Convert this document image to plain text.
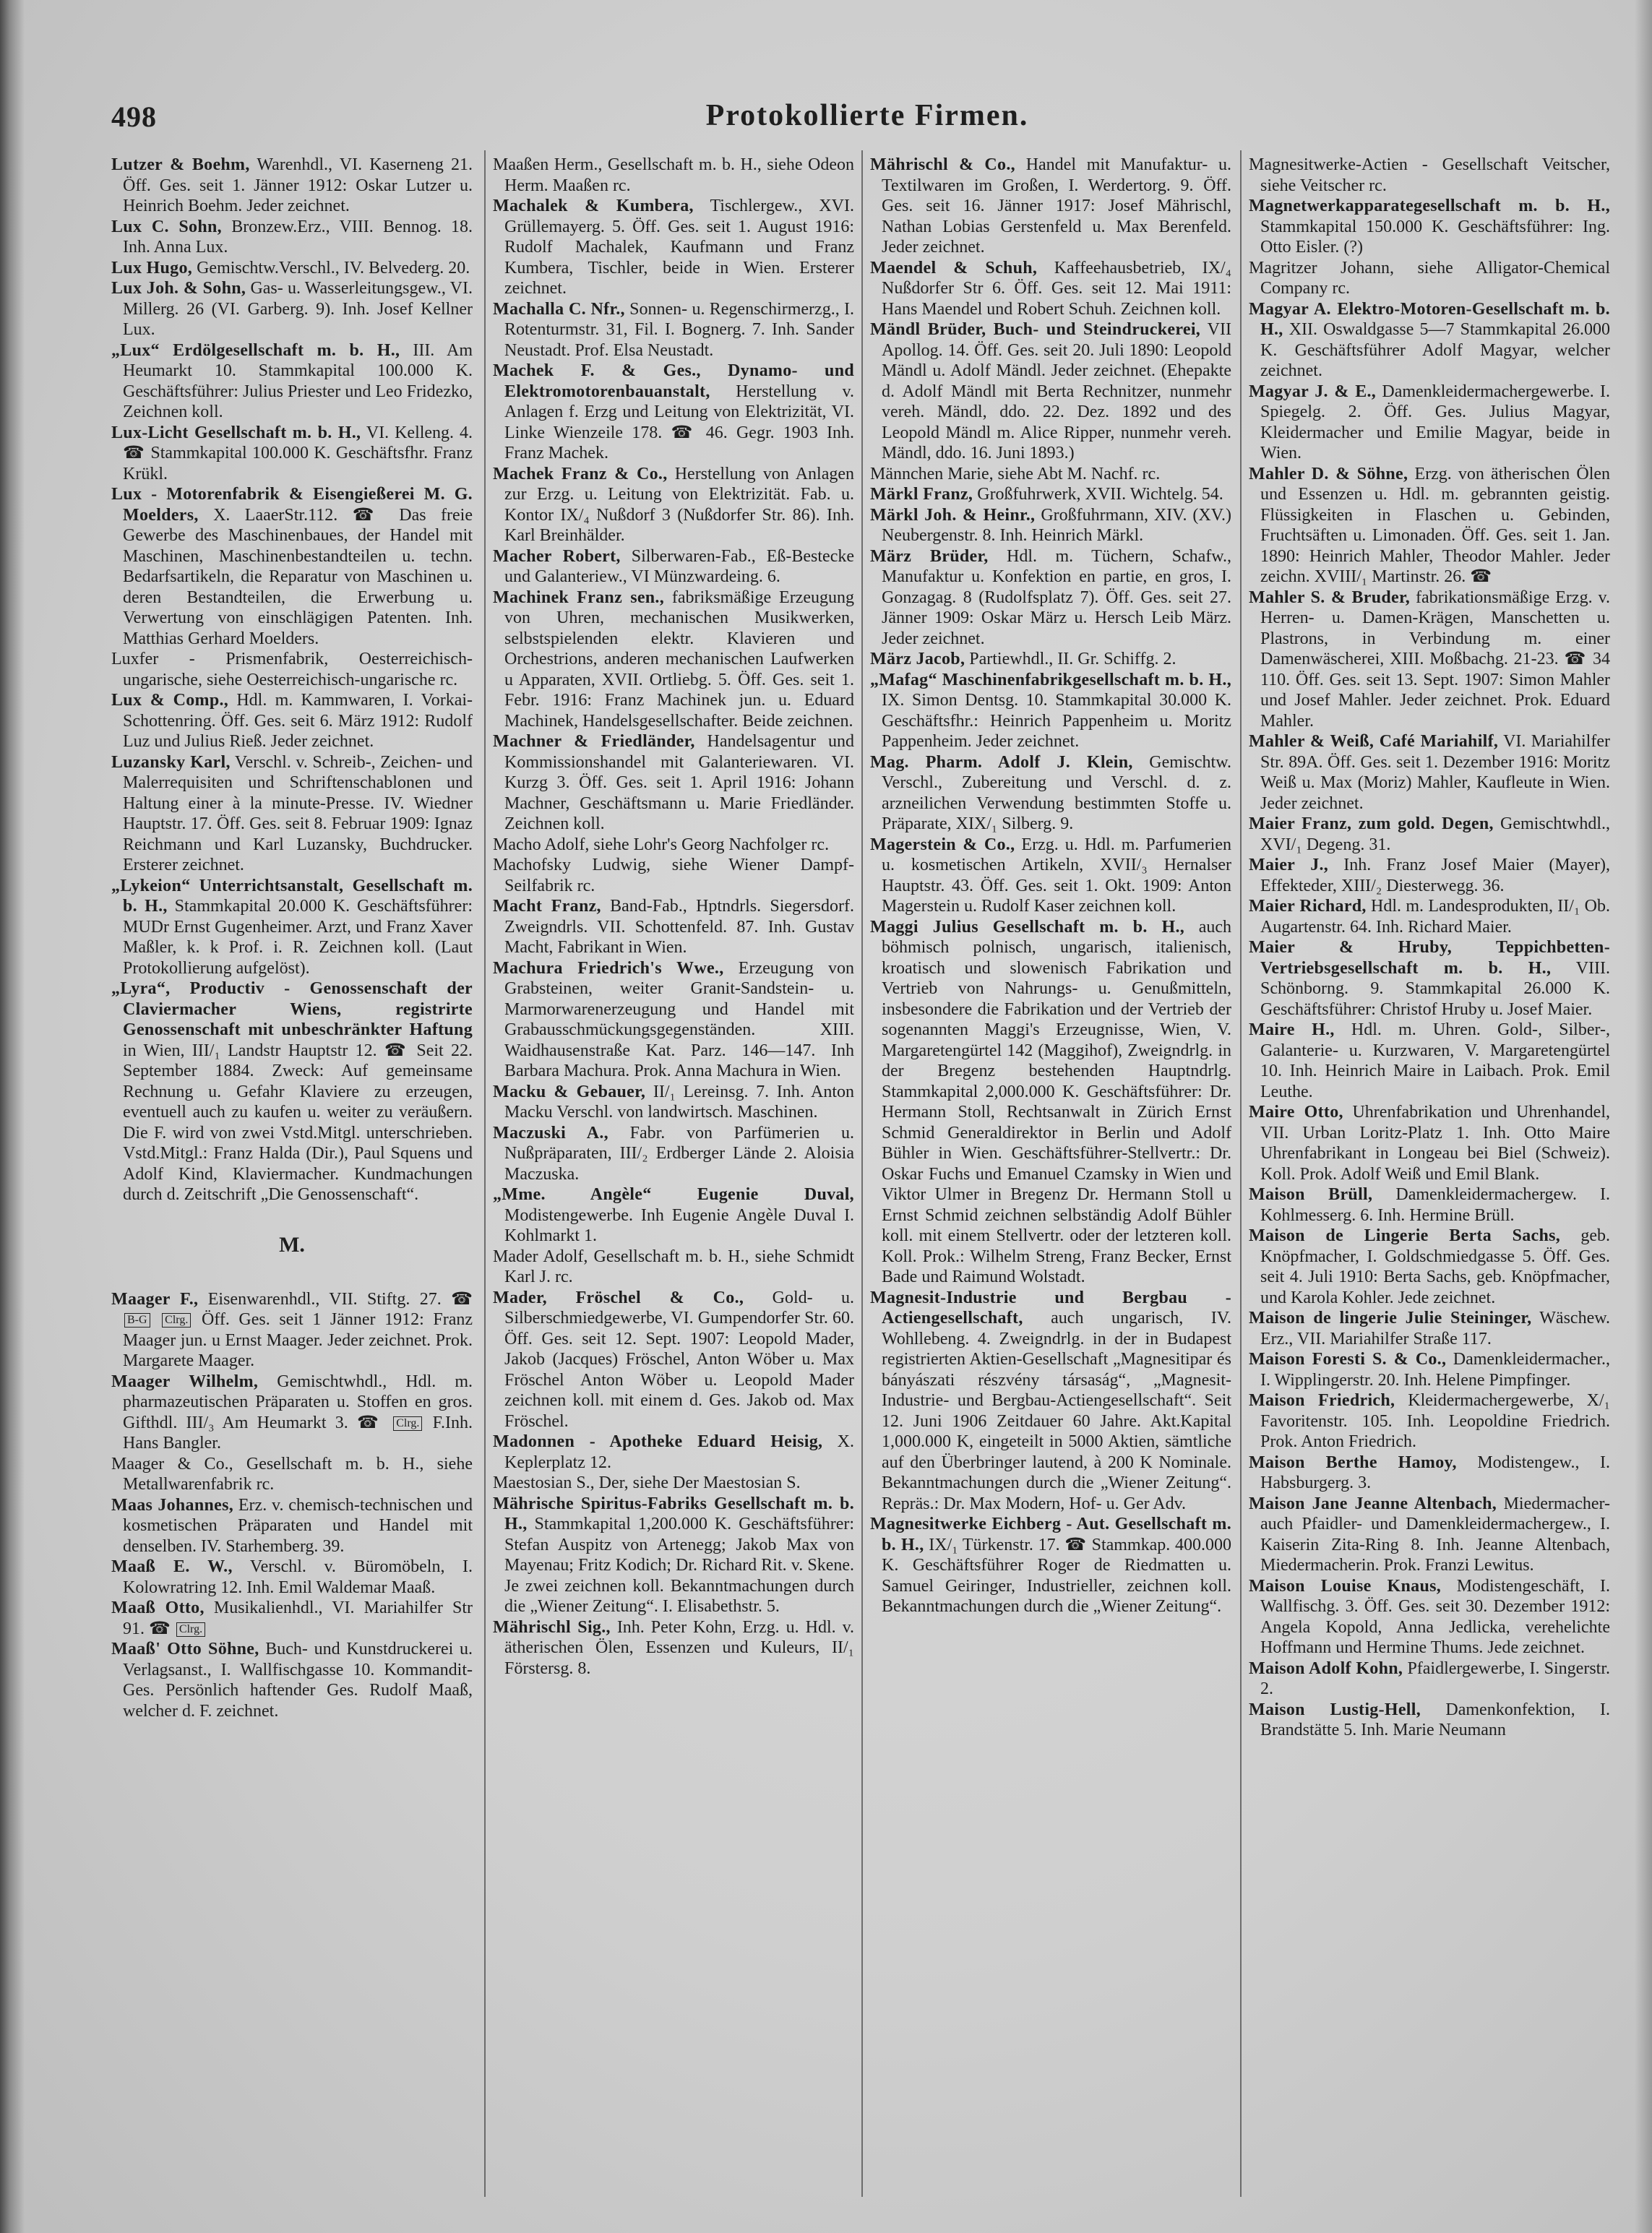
498	Protokollierte Firmen.

Lutzer & Boehm, Warenhdl., VI. Kaserneng 21. Öff. Ges. seit 1. Jänner 1912: Oskar Lutzer u. Heinrich Boehm. Jeder zeichnet.

Lux C. Sohn, Bronzew.Erz., VIII. Bennog. 18. Inh. Anna Lux.

Lux Hugo, Gemischtw.Verschl., IV. Belvederg. 20.

Lux Joh. & Sohn, Gas- u. Wasserleitungsgew., VI. Millerg. 26 (VI. Garberg. 9). Inh. Josef Kellner Lux.

„Lux“ Erdölgesellschaft m. b. H., III. Am Heumarkt 10. Stammkapital 100.000 K. Geschäftsführer: Julius Priester und Leo Fridezko, Zeichnen koll.

Lux-Licht Gesellschaft m. b. H., VI. Kelleng. 4. ☎ Stammkapital 100.000 K. Geschäftsfhr. Franz Krükl.

Lux - Motorenfabrik & Eisengießerei M. G. Moelders, X. LaaerStr.112. ☎ Das freie Gewerbe des Maschinenbaues, der Handel mit Maschinen, Maschinenbestandteilen u. techn. Bedarfsartikeln, die Reparatur von Maschinen u. deren Bestandteilen, die Erwerbung u. Verwertung von einschlägigen Patenten. Inh. Matthias Gerhard Moelders.

Luxfer - Prismenfabrik, Oesterreichisch-ungarische, siehe Oesterreichisch-ungarische rc.

Lux & Comp., Hdl. m. Kammwaren, I. Vorkai-Schottenring. Öff. Ges. seit 6. März 1912: Rudolf Luz und Julius Rieß. Jeder zeichnet.

Luzansky Karl, Verschl. v. Schreib-, Zeichen- und Malerrequisiten und Schriftenschablonen und Haltung einer à la minute-Presse. IV. Wiedner Hauptstr. 17. Öff. Ges. seit 8. Februar 1909: Ignaz Reichmann und Karl Luzansky, Buchdrucker. Ersterer zeichnet.

„Lykeion“ Unterrichtsanstalt, Gesellschaft m. b. H., Stammkapital 20.000 K. Geschäftsführer: MUDr Ernst Gugenheimer. Arzt, und Franz Xaver Maßler, k. k Prof. i. R. Zeichnen koll. (Laut Protokollierung aufgelöst).

„Lyra“, Productiv - Genossenschaft der Claviermacher Wiens, registrirte Genossenschaft mit unbeschränkter Haftung in Wien, III/₁ Landstr Hauptstr 12. ☎ Seit 22. September 1884. Zweck: Auf gemeinsame Rechnung u. Gefahr Klaviere zu erzeugen, eventuell auch zu kaufen u. weiter zu veräußern. Die F. wird von zwei Vstd.Mitgl. unterschrieben. Vstd.Mitgl.: Franz Halda (Dir.), Paul Squens und Adolf Kind, Klaviermacher. Kundmachungen durch d. Zeitschrift „Die Genossenschaft“.

M.

Maager F., Eisenwarenhdl., VII. Stiftg. 27. ☎ B-G Clrg. Öff. Ges. seit 1 Jänner 1912: Franz Maager jun. u Ernst Maager. Jeder zeichnet. Prok. Margarete Maager.

Maager Wilhelm, Gemischtwhdl., Hdl. m. pharmazeutischen Präparaten u. Stoffen en gros. Gifthdl. III/₃ Am Heumarkt 3. ☎ Clrg. F.Inh. Hans Bangler.

Maager & Co., Gesellschaft m. b. H., siehe Metallwarenfabrik rc.

Maas Johannes, Erz. v. chemisch-technischen und kosmetischen Präparaten und Handel mit denselben. IV. Starhemberg. 39.

Maaß E. W., Verschl. v. Büromöbeln, I. Kolowratring 12. Inh. Emil Waldemar Maaß.

Maaß Otto, Musikalienhdl., VI. Mariahilfer Str 91. ☎ Clrg.

Maaß' Otto Söhne, Buch- und Kunstdruckerei u. Verlagsanst., I. Wallfischgasse 10. Kommandit-Ges. Persönlich haftender Ges. Rudolf Maaß, welcher d. F. zeichnet.

Maaßen Herm., Gesellschaft m. b. H., siehe Odeon Herm. Maaßen rc.

Machalek & Kumbera, Tischlergew., XVI. Grüllemayerg. 5. Öff. Ges. seit 1. August 1916: Rudolf Machalek, Kaufmann und Franz Kumbera, Tischler, beide in Wien. Ersterer zeichnet.

Machalla C. Nfr., Sonnen- u. Regenschirmerzg., I. Rotenturmstr. 31, Fil. I. Bognerg. 7. Inh. Sander Neustadt. Prof. Elsa Neustadt.

Machek F. & Ges., Dynamo- und Elektromotorenbauanstalt, Herstellung v. Anlagen f. Erzg und Leitung von Elektrizität, VI. Linke Wienzeile 178. ☎ 46. Gegr. 1903 Inh. Franz Machek.

Machek Franz & Co., Herstellung von Anlagen zur Erzg. u. Leitung von Elektrizität. Fab. u. Kontor IX/₄ Nußdorf 3 (Nußdorfer Str. 86). Inh. Karl Breinhälder.

Macher Robert, Silberwaren-Fab., Eß-Bestecke und Galanteriew., VI Münzwardeing. 6.

Machinek Franz sen., fabriksmäßige Erzeugung von Uhren, mechanischen Musikwerken, selbstspielenden elektr. Klavieren und Orchestrions, anderen mechanischen Laufwerken u Apparaten, XVII. Ortliebg. 5. Öff. Ges. seit 1. Febr. 1916: Franz Machinek jun. u. Eduard Machinek, Handelsgesellschafter. Beide zeichnen.

Machner & Friedländer, Handelsagentur und Kommissionshandel mit Galanteriewaren. VI. Kurzg 3. Öff. Ges. seit 1. April 1916: Johann Machner, Geschäftsmann u. Marie Friedländer. Zeichnen koll.

Macho Adolf, siehe Lohr's Georg Nachfolger rc.

Machofsky Ludwig, siehe Wiener Dampf-Seilfabrik rc.

Macht Franz, Band-Fab., Hptndrls. Siegersdorf. Zweigndrls. VII. Schottenfeld. 87. Inh. Gustav Macht, Fabrikant in Wien.

Machura Friedrich's Wwe., Erzeugung von Grabsteinen, weiter Granit-Sandstein- u. Marmorwarenerzeugung und Handel mit Grabausschmückungsgegenständen. XIII. Waidhausenstraße Kat. Parz. 146—147. Inh Barbara Machura. Prok. Anna Machura in Wien.

Macku & Gebauer, II/₁ Lereinsg. 7. Inh. Anton Macku Verschl. von landwirtsch. Maschinen.

Maczuski A., Fabr. von Parfümerien u. Nußpräparaten, III/₂ Erdberger Lände 2. Aloisia Maczuska.

„Mme. Angèle“ Eugenie Duval, Modistengewerbe. Inh Eugenie Angèle Duval I. Kohlmarkt 1.

Mader Adolf, Gesellschaft m. b. H., siehe Schmidt Karl J. rc.

Mader, Fröschel & Co., Gold- u. Silberschmiedgewerbe, VI. Gumpendorfer Str. 60. Öff. Ges. seit 12. Sept. 1907: Leopold Mader, Jakob (Jacques) Fröschel, Anton Wöber u. Max Fröschel Anton Wöber u. Leopold Mader zeichnen koll. mit einem d. Ges. Jakob od. Max Fröschel.

Madonnen - Apotheke Eduard Heisig, X. Keplerplatz 12.

Maestosian S., Der, siehe Der Maestosian S.

Mährische Spiritus-Fabriks Gesellschaft m. b. H., Stammkapital 1,200.000 K. Geschäftsführer: Stefan Auspitz von Artenegg; Jakob Max von Mayenau; Fritz Kodich; Dr. Richard Rit. v. Skene. Je zwei zeichnen koll. Bekanntmachungen durch die „Wiener Zeitung“. I. Elisabethstr. 5.

Mährischl Sig., Inh. Peter Kohn, Erzg. u. Hdl. v. ätherischen Ölen, Essenzen und Kuleurs, II/₁ Förstersg. 8.

Mährischl & Co., Handel mit Manufaktur- u. Textilwaren im Großen, I. Werdertorg. 9. Öff. Ges. seit 16. Jänner 1917: Josef Mährischl, Nathan Lobias Gerstenfeld u. Max Berenfeld. Jeder zeichnet.

Maendel & Schuh, Kaffeehausbetrieb, IX/₄ Nußdorfer Str 6. Öff. Ges. seit 12. Mai 1911: Hans Maendel und Robert Schuh. Zeichnen koll.

Mändl Brüder, Buch- und Steindruckerei, VII Apollog. 14. Öff. Ges. seit 20. Juli 1890: Leopold Mändl u. Adolf Mändl. Jeder zeichnet. (Ehepakte d. Adolf Mändl mit Berta Rechnitzer, nunmehr vereh. Mändl, ddo. 22. Dez. 1892 und des Leopold Mändl m. Alice Ripper, nunmehr vereh. Mändl, ddo. 16. Juni 1893.)

Männchen Marie, siehe Abt M. Nachf. rc.

Märkl Franz, Großfuhrwerk, XVII. Wichtelg. 54.

Märkl Joh. & Heinr., Großfuhrmann, XIV. (XV.) Neubergenstr. 8. Inh. Heinrich Märkl.

März Brüder, Hdl. m. Tüchern, Schafw., Manufaktur u. Konfektion en partie, en gros, I. Gonzagag. 8 (Rudolfsplatz 7). Öff. Ges. seit 27. Jänner 1909: Oskar März u. Hersch Leib März. Jeder zeichnet.

März Jacob, Partiewhdl., II. Gr. Schiffg. 2.

„Mafag“ Maschinenfabrikgesellschaft m. b. H., IX. Simon Dentsg. 10. Stammkapital 30.000 K. Geschäftsfhr.: Heinrich Pappenheim u. Moritz Pappenheim. Jeder zeichnet.

Mag. Pharm. Adolf J. Klein, Gemischtw. Verschl., Zubereitung und Verschl. d. z. arzneilichen Verwendung bestimmten Stoffe u. Präparate, XIX/₁ Silberg. 9.

Magerstein & Co., Erzg. u. Hdl. m. Parfumerien u. kosmetischen Artikeln, XVII/₃ Hernalser Hauptstr. 43. Öff. Ges. seit 1. Okt. 1909: Anton Magerstein u. Rudolf Kaser zeichnen koll.

Maggi Julius Gesellschaft m. b. H., auch böhmisch polnisch, ungarisch, italienisch, kroatisch und slowenisch Fabrikation und Vertrieb von Nahrungs- u. Genußmitteln, insbesondere die Fabrikation und der Vertrieb der sogenannten Maggi's Erzeugnisse, Wien, V. Margaretengürtel 142 (Maggihof), Zweigndrlg. in der Bregenz bestehenden Hauptndrlg. Stammkapital 2,000.000 K. Geschäftsführer: Dr. Hermann Stoll, Rechtsanwalt in Zürich Ernst Schmid Generaldirektor in Berlin und Adolf Bühler in Wien. Geschäftsführer-Stellvertr.: Dr. Oskar Fuchs und Emanuel Czamsky in Wien und Viktor Ulmer in Bregenz Dr. Hermann Stoll u Ernst Schmid zeichnen selbständig Adolf Bühler koll. mit einem Stellvertr. oder der letzteren koll. Koll. Prok.: Wilhelm Streng, Franz Becker, Ernst Bade und Raimund Wolstadt.

Magnesit-Industrie und Bergbau - Actiengesellschaft, auch ungarisch, IV. Wohllebeng. 4. Zweigndrlg. in der in Budapest registrierten Aktien-Gesellschaft „Magnesitipar és bányászati részvény társaság“, „Magnesit-Industrie- und Bergbau-Actiengesellschaft“. Seit 12. Juni 1906 Zeitdauer 60 Jahre. Akt.Kapital 1,000.000 K, eingeteilt in 5000 Aktien, sämtliche auf den Überbringer lautend, à 200 K Nominale. Bekanntmachungen durch die „Wiener Zeitung“. Repräs.: Dr. Max Modern, Hof- u. Ger Adv.

Magnesitwerke Eichberg - Aut. Gesellschaft m. b. H., IX/₁ Türkenstr. 17. ☎ Stammkap. 400.000 K. Geschäftsführer Roger de Riedmatten u. Samuel Geiringer, Industrieller, zeichnen koll. Bekanntmachungen durch die „Wiener Zeitung“.

Magnesitwerke-Actien - Gesellschaft Veitscher, siehe Veitscher rc.

Magnetwerkapparategesellschaft m. b. H., Stammkapital 150.000 K. Geschäftsführer: Ing. Otto Eisler. (?)

Magritzer Johann, siehe Alligator-Chemical Company rc.

Magyar A. Elektro-Motoren-Gesellschaft m. b. H., XII. Oswaldgasse 5—7 Stammkapital 26.000 K. Geschäftsführer Adolf Magyar, welcher zeichnet.

Magyar J. & E., Damenkleidermachergewerbe. I. Spiegelg. 2. Öff. Ges. Julius Magyar, Kleidermacher und Emilie Magyar, beide in Wien.

Mahler D. & Söhne, Erzg. von ätherischen Ölen und Essenzen u. Hdl. m. gebrannten geistig. Flüssigkeiten in Flaschen u. Gebinden, Fruchtsäften u. Limonaden. Öff. Ges. seit 1. Jan. 1890: Heinrich Mahler, Theodor Mahler. Jeder zeichn. XVIII/₁ Martinstr. 26. ☎

Mahler S. & Bruder, fabrikationsmäßige Erzg. v. Herren- u. Damen-Krägen, Manschetten u. Plastrons, in Verbindung m. einer Damenwäscherei, XIII. Moßbachg. 21-23. ☎ 34 110. Öff. Ges. seit 13. Sept. 1907: Simon Mahler und Josef Mahler. Jeder zeichnet. Prok. Eduard Mahler.

Mahler & Weiß, Café Mariahilf, VI. Mariahilfer Str. 89A. Öff. Ges. seit 1. Dezember 1916: Moritz Weiß u. Max (Moriz) Mahler, Kaufleute in Wien. Jeder zeichnet.

Maier Franz, zum gold. Degen, Gemischtwhdl., XVI/₁ Degeng. 31.

Maier J., Inh. Franz Josef Maier (Mayer), Effekteder, XIII/₂ Diesterwegg. 36.

Maier Richard, Hdl. m. Landesprodukten, II/₁ Ob. Augartenstr. 64. Inh. Richard Maier.

Maier & Hruby, Teppichbetten-Vertriebsgesellschaft m. b. H., VIII. Schönborng. 9. Stammkapital 26.000 K. Geschäftsführer: Christof Hruby u. Josef Maier.

Maire H., Hdl. m. Uhren. Gold-, Silber-, Galanterie- u. Kurzwaren, V. Margaretengürtel 10. Inh. Heinrich Maire in Laibach. Prok. Emil Leuthe.

Maire Otto, Uhrenfabrikation und Uhrenhandel, VII. Urban Loritz-Platz 1. Inh. Otto Maire Uhrenfabrikant in Longeau bei Biel (Schweiz). Koll. Prok. Adolf Weiß und Emil Blank.

Maison Brüll, Damenkleidermachergew. I. Kohlmesserg. 6. Inh. Hermine Brüll.

Maison de Lingerie Berta Sachs, geb. Knöpfmacher, I. Goldschmiedgasse 5. Öff. Ges. seit 4. Juli 1910: Berta Sachs, geb. Knöpfmacher, und Karola Kohler. Jede zeichnet.

Maison de lingerie Julie Steininger, Wäschew. Erz., VII. Mariahilfer Straße 117.

Maison Foresti S. & Co., Damenkleidermacher., I. Wipplingerstr. 20. Inh. Helene Pimpfinger.

Maison Friedrich, Kleidermachergewerbe, X/₁ Favoritenstr. 105. Inh. Leopoldine Friedrich. Prok. Anton Friedrich.

Maison Berthe Hamoy, Modistengew., I. Habsburgerg. 3.

Maison Jane Jeanne Altenbach, Miedermacher- auch Pfaidler- und Damenkleidermachergew., I. Kaiserin Zita-Ring 8. Inh. Jeanne Altenbach, Miedermacherin. Prok. Franzi Lewitus.

Maison Louise Knaus, Modistengeschäft, I. Wallfischg. 3. Öff. Ges. seit 30. Dezember 1912: Angela Kopold, Anna Jedlicka, verehelichte Hoffmann und Hermine Thums. Jede zeichnet.

Maison Adolf Kohn, Pfaidlergewerbe, I. Singerstr. 2.

Maison Lustig-Hell, Damenkonfektion, I. Brandstätte 5. Inh. Marie Neumann
